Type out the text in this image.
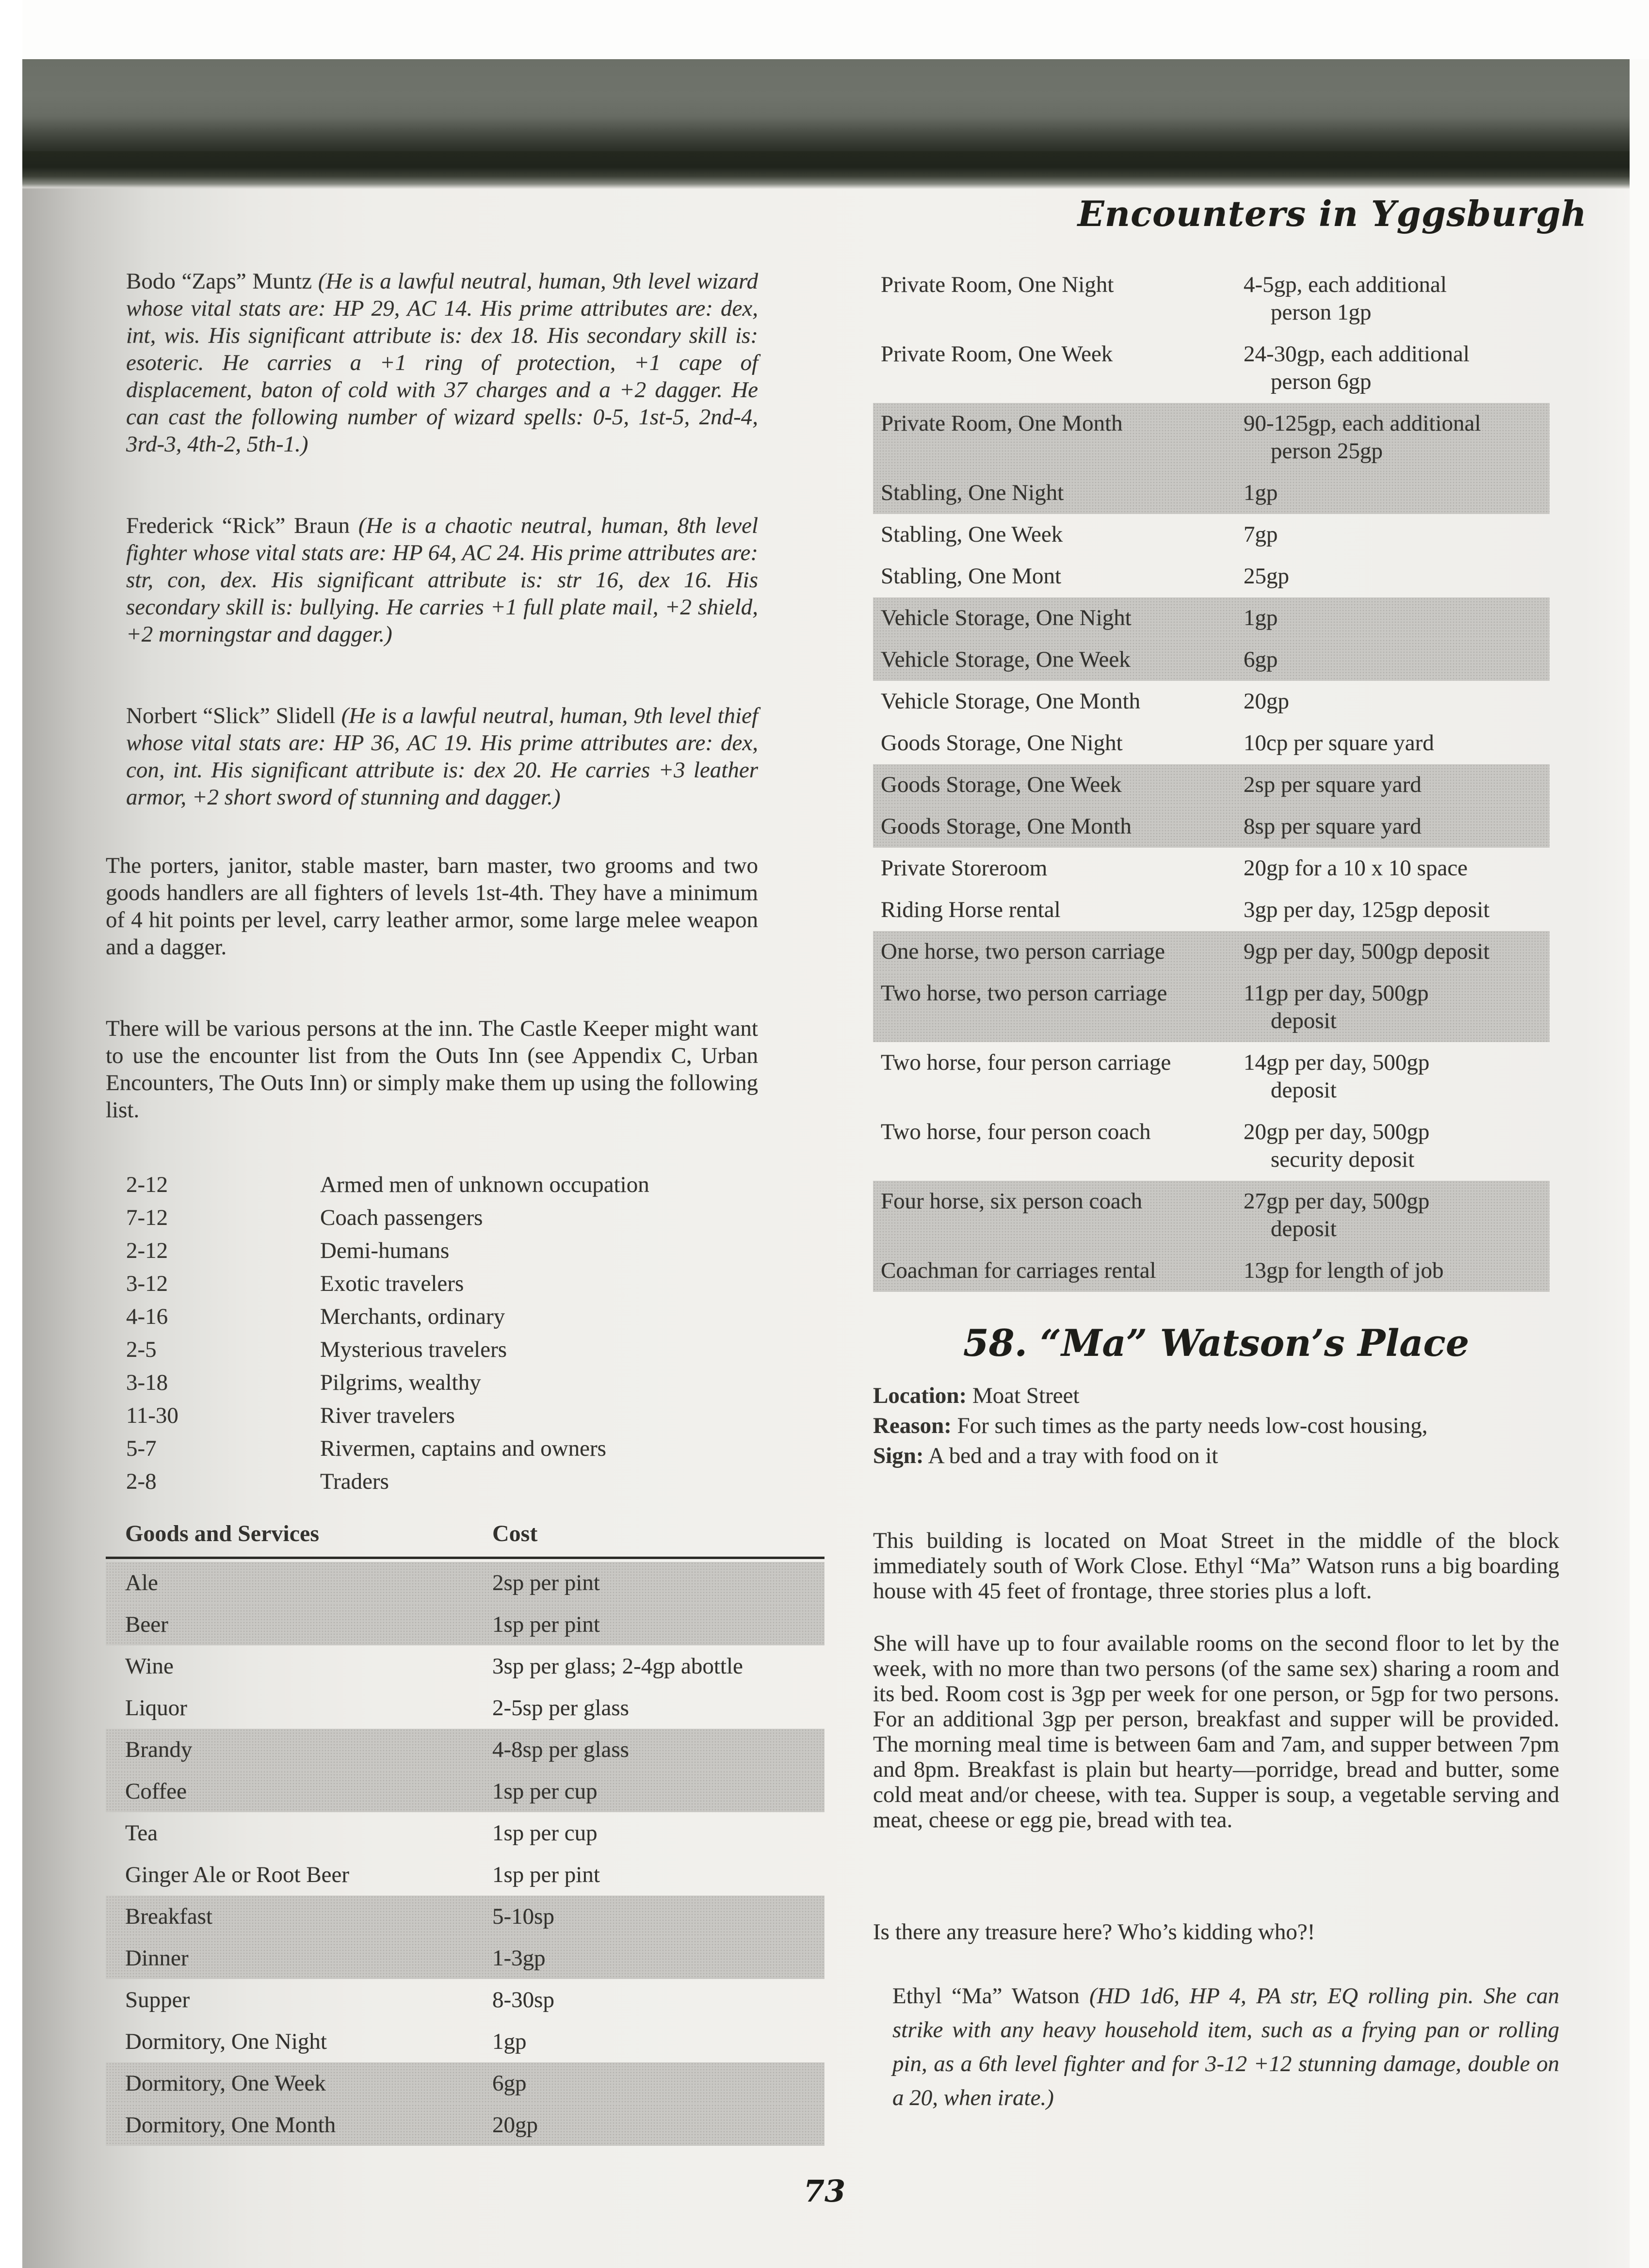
Encounters in Yggsburgh

Bodo “Zaps” Muntz (He is a lawful neutral, human, 9th level wizard whose vital stats are: HP 29, AC 14. His prime attributes are: dex, int, wis. His significant attribute is: dex 18. His secondary skill is: esoteric. He carries a +1 ring of protection, +1 cape of displacement, baton of cold with 37 charges and a +2 dagger. He can cast the following number of wizard spells: 0-5, 1st-5, 2nd-4, 3rd-3, 4th-2, 5th-1.)

Frederick “Rick” Braun (He is a chaotic neutral, human, 8th level fighter whose vital stats are: HP 64, AC 24. His prime attributes are: str, con, dex. His significant attribute is: str 16, dex 16. His secondary skill is: bullying. He carries +1 full plate mail, +2 shield, +2 morningstar and dagger.)

Norbert “Slick” Slidell (He is a lawful neutral, human, 9th level thief whose vital stats are: HP 36, AC 19. His prime attributes are: dex, con, int. His significant attribute is: dex 20. He carries +3 leather armor, +2 short sword of stunning and dagger.)

The porters, janitor, stable master, barn master, two grooms and two goods handlers are all fighters of levels 1st-4th. They have a minimum of 4 hit points per level, carry leather armor, some large melee weapon and a dagger.

There will be various persons at the inn. The Castle Keeper might want to use the encounter list from the Outs Inn (see Appendix C, Urban Encounters, The Outs Inn) or simply make them up using the following list.

2-12	Armed men of unknown occupation
7-12	Coach passengers
2-12	Demi-humans
3-12	Exotic travelers
4-16	Merchants, ordinary
2-5	Mysterious travelers
3-18	Pilgrims, wealthy
11-30	River travelers
5-7	Rivermen, captains and owners
2-8	Traders
Goods and Services	Cost
Ale	2sp per pint
Beer	1sp per pint
Wine	3sp per glass; 2-4gp abottle
Liquor	2-5sp per glass
Brandy	4-8sp per glass
Coffee	1sp per cup
Tea	1sp per cup
Ginger Ale or Root Beer	1sp per pint
Breakfast	5-10sp
Dinner	1-3gp
Supper	8-30sp
Dormitory, One Night	1gp
Dormitory, One Week	6gp
Dormitory, One Month	20gp
Private Room, One Night	4-5gp, each additional
person 1gp
Private Room, One Week	24-30gp, each additional
person 6gp
Private Room, One Month	90-125gp, each additional
person 25gp
Stabling, One Night	1gp
Stabling, One Week	7gp
Stabling, One Mont	25gp
Vehicle Storage, One Night	1gp
Vehicle Storage, One Week	6gp
Vehicle Storage, One Month	20gp
Goods Storage, One Night	10cp per square yard
Goods Storage, One Week	2sp per square yard
Goods Storage, One Month	8sp per square yard
Private Storeroom	20gp for a 10 x 10 space
Riding Horse rental	3gp per day, 125gp deposit
One horse, two person carriage	9gp per day, 500gp deposit
Two horse, two person carriage	11gp per day, 500gp
deposit
Two horse, four person carriage	14gp per day, 500gp
deposit
Two horse, four person coach	20gp per day, 500gp
security deposit
Four horse, six person coach	27gp per day, 500gp
deposit
Coachman for carriages rental	13gp for length of job
58. “Ma” Watson’s Place
Location: Moat Street
Reason: For such times as the party needs low-cost housing,
Sign: A bed and a tray with food on it

This building is located on Moat Street in the middle of the block immediately south of Work Close. Ethyl “Ma” Watson runs a big boarding house with 45 feet of frontage, three stories plus a loft.

She will have up to four available rooms on the second floor to let by the week, with no more than two persons (of the same sex) sharing a room and its bed. Room cost is 3gp per week for one person, or 5gp for two persons. For an additional 3gp per person, breakfast and supper will be provided. The morning meal time is between 6am and 7am, and supper between 7pm and 8pm. Breakfast is plain but hearty—porridge, bread and butter, some cold meat and/or cheese, with tea. Supper is soup, a vegetable serving and meat, cheese or egg pie, bread with tea.

Is there any treasure here? Who’s kidding who?!

Ethyl “Ma” Watson (HD 1d6, HP 4, PA str, EQ rolling pin. She can strike with any heavy household item, such as a frying pan or rolling pin, as a 6th level fighter and for 3-12 +12 stunning damage, double on a 20, when irate.)

73
